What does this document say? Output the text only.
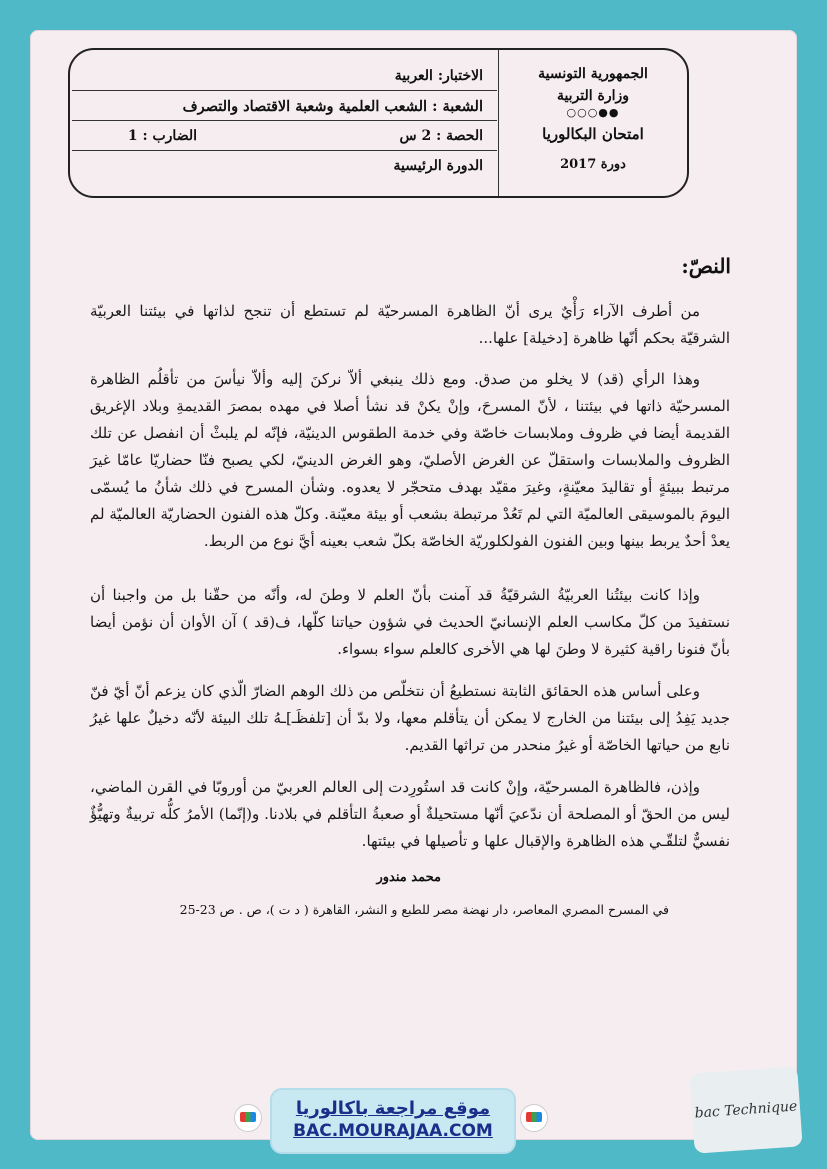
الجمهورية التونسية
وزارة التربية
●●○○○
امتحان البكالوريا
دورة 2017
الاختبار: العربية
الشعبة : الشعب العلمية وشعبة الاقتصاد والتصرف
الحصة : 2 س
الضارب : 1
الدورة الرئيسية
النصّ:
من أطرف الآراء رَأْيٌ يرى أنّ الظاهرة المسرحيّة لم تستطع أن تنجح لذاتها في بيئتنا العربيّة الشرقيّة بحكم أنّها ظاهرة [دخيلة] علها...
وهذا الرأي (قد) لا يخلو من صدق. ومع ذلك ينبغي ألاّ نركنَ إليه وألاّ نيأسَ من تأقلُم الظاهرة المسرحيّة ذاتها في بيئتنا ، لأنّ المسرحَ، وإنْ يكنْ قد نشأ أصلا في مهده بمصرَ القديمةِ وبلاد الإغريق القديمة أيضا في ظروف وملابسات خاصّة وفي خدمة الطقوس الدينيّة، فإنّه لم يلبثْ أن انفصل عن تلك الظروف والملابسات واستقلّ عن الغرض الأصليّ، وهو الغرض الدينيّ، لكي يصبح فنّا حضاريّا عامّا غيرَ مرتبط ببيئةٍ أو تقاليدَ معيّنةٍ، وغيرَ مقيّد بهدف متحجّر لا يعدوه. وشأن المسرح في ذلك شأنُ ما يُسمّى اليومَ بالموسيقى العالميّة التي لم تَعُدْ مرتبطة بشعب أو بيئة معيّنة. وكلّ هذه الفنون الحضاريّة العالميّة لم يعدْ أحدٌ يربط بينها وبين الفنون الفولكلوريّة الخاصّة بكلّ شعب بعينه أيَّ نوع من الربط.
وإذا كانت بيئتُنا العربيّةُ الشرقيّةُ قد آمنت بأنّ العلم لا وطنَ له، وأنّه من حقّنا بل من واجبنا أن نستفيدَ من كلّ مكاسب العلم الإنسانيّ الحديث في شؤون حياتنا كلّها، ف(قد ) آن الأوان أن نؤمن أيضا بأنّ فنونا راقية كثيرة لا وطنَ لها هي الأخرى كالعلم سواء بسواء.
وعلى أساس هذه الحقائق الثابتة نستطيعُ أن نتخلّص من ذلك الوهم الضارّ الّذي كان يزعم أنّ أيّ فنّ جديد يَفِدُ إلى بيئتنا من الخارج لا يمكن أن يتأقلم معها، ولا بدّ أن [تلفظَـ]ـهُ تلك البيئة لأنّه دخيلٌ علها غيرُ نابع من حياتها الخاصّة أو غيرُ منحدر من تراثها القديم.
وإذن، فالظاهرة المسرحيّة، وإنْ كانت قد استُورِدت إلى العالم العربيّ من أوروبّا في القرن الماضي، ليس من الحقّ أو المصلحة أن ندّعيَ أنّها مستحيلةٌ أو صعبةُ التأقلم في بلادنا. و(إنّما) الأمرُ كلُّه تربيةٌ وتهيُّؤٌ نفسيٌّ لتلقّـي هذه الظاهرة والإقبال علها و تأصيلها في بيئتها.
محمد مندور
في المسرح المصري المعاصر، دار نهضة مصر للطبع و النشر، القاهرة ( د ت )، ص . ص 23-25
موقع مراجعة باكالوريا
BAC.MOURAJAA.COM
bac Technique
